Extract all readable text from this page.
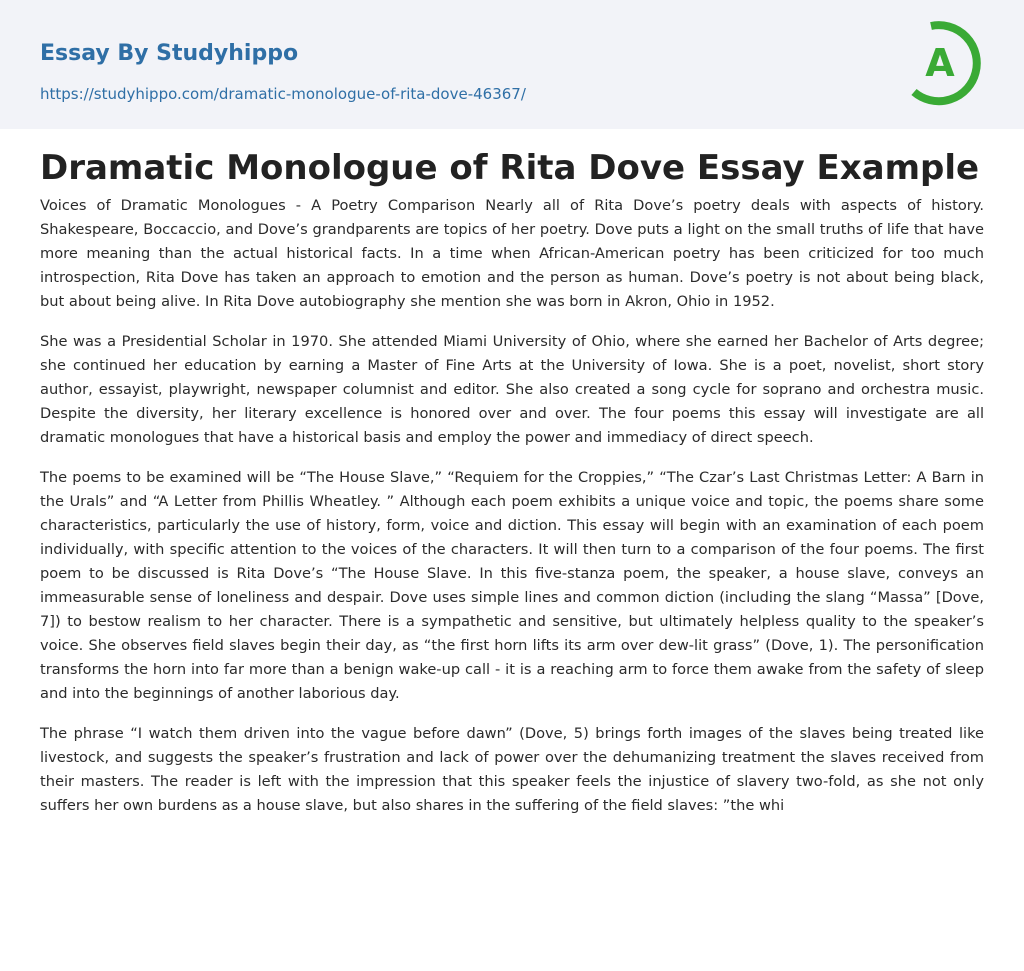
Essay By Studyhippo
https://studyhippo.com/dramatic-monologue-of-rita-dove-46367/
A
Dramatic Monologue of Rita Dove Essay Example

Voices of Dramatic Monologues - A Poetry Comparison Nearly all of Rita Dove’s poetry deals with aspects of history. Shakespeare, Boccaccio, and Dove’s grandparents are topics of her poetry. Dove puts a light on the small truths of life that have more meaning than the actual historical facts. In a time when African-American poetry has been criticized for too much introspection, Rita Dove has taken an approach to emotion and the person as human. Dove’s poetry is not about being black, but about being alive. In Rita Dove autobiography she mention she was born in Akron, Ohio in 1952.

She was a Presidential Scholar in 1970. She attended Miami University of Ohio, where she earned her Bachelor of Arts degree; she continued her education by earning a Master of Fine Arts at the University of Iowa. She is a poet, novelist, short story author, essayist, playwright, newspaper columnist and editor. She also created a song cycle for soprano and orchestra music. Despite the diversity, her literary excellence is honored over and over. The four poems this essay will investigate are all dramatic monologues that have a historical basis and employ the power and immediacy of direct speech.

The poems to be examined will be “The House Slave,” “Requiem for the Croppies,” “The Czar’s Last Christmas Letter: A Barn in the Urals” and “A Letter from Phillis Wheatley. ” Although each poem exhibits a unique voice and topic, the poems share some characteristics, particularly the use of history, form, voice and diction. This essay will begin with an examination of each poem individually, with specific attention to the voices of the characters. It will then turn to a comparison of the four poems. The first poem to be discussed is Rita Dove’s “The House Slave. In this five-stanza poem, the speaker, a house slave, conveys an immeasurable sense of loneliness and despair. Dove uses simple lines and common diction (including the slang “Massa” [Dove, 7]) to bestow realism to her character. There is a sympathetic and sensitive, but ultimately helpless quality to the speaker’s voice. She observes field slaves begin their day, as “the first horn lifts its arm over dew-lit grass” (Dove, 1). The personification transforms the horn into far more than a benign wake-up call - it is a reaching arm to force them awake from the safety of sleep and into the beginnings of another laborious day.

The phrase “I watch them driven into the vague before dawn” (Dove, 5) brings forth images of the slaves being treated like livestock, and suggests the speaker’s frustration and lack of power over the dehumanizing treatment the slaves received from their masters. The reader is left with the impression that this speaker feels the injustice of slavery two-fold, as she not only suffers her own burdens as a house slave, but also shares in the suffering of the field slaves: ”the whi
